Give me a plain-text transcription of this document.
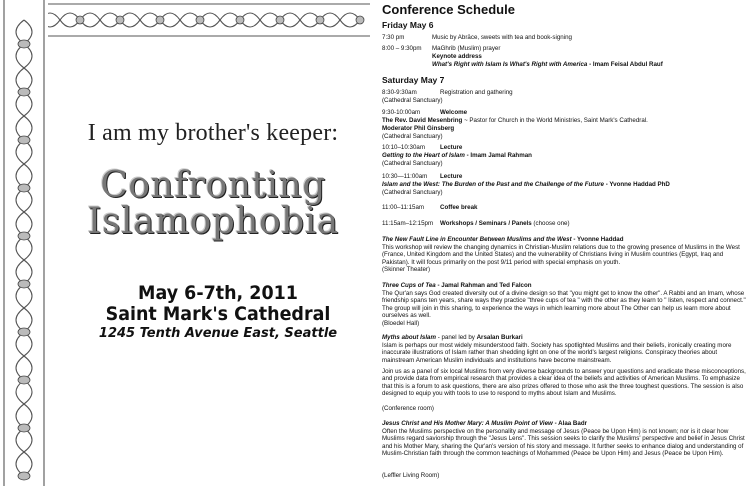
I am my brother's keeper:
Confronting
Islamophobia
May 6-7th, 2011
Saint Mark's Cathedral
1245 Tenth Avenue East, Seattle
Conference Schedule
Friday May 6
7:30 pm	Music by Abrāce, sweets with tea and book-signing
8:00 – 9:30pm MaGhrib (Muslim) prayer
Keynote address
What's Right with Islam Is What's Right with America - Imam Feisal Abdul Rauf
Saturday May 7
8:30-9:30am	Registration and gathering
(Cathedral Sanctuary)
9:30-10:00am	Welcome
The Rev. David Mesenbring ~ Pastor for Church in the World Ministries, Saint Mark's Cathedral.
Moderator Phil Ginsberg
(Cathedral Sanctuary)
10:10–10:30am Lecture
Getting to the Heart of Islam - Imam Jamal Rahman
(Cathedral Sanctuary)
10:30—11:00am Lecture
Islam and the West: The Burden of the Past and the Challenge of the Future - Yvonne Haddad PhD
(Cathedral Sanctuary)
11:00–11:15am	Coffee break
11:15am–12:15pm Workshops / Seminars / Panels (choose one)
The New Fault Line in Encounter Between Muslims and the West - Yvonne Haddad
This workshop will review the changing dynamics in Christian-Muslim relations due to the growing presence of Muslims in the West (France, United Kingdom and the United States) and the vulnerability of Christians living in Muslim countries (Egypt, Iraq and Pakistan). It will focus primarily on the post 9/11 period with special emphasis on youth.
(Skinner Theater)
Three Cups of Tea - Jamal Rahman and Ted Falcon
The Qur'an says God created diversity out of a divine design so that "you might get to know the other". A Rabbi and an Imam, whose friendship spans ten years, share ways they practice "three cups of tea " with the other as they learn to " listen, respect and connect." The group will join in this sharing, to experience the ways in which learning more about The Other can help us learn more about ourselves as well.
(Bloedel Hall)
Myths about Islam - panel led by Arsalan Burkari
Islam is perhaps our most widely misunderstood faith. Society has spotlighted Muslims and their beliefs, ironically creating more inaccurate illustrations of Islam rather than shedding light on one of the world's largest religions. Conspiracy theories about mainstream American Muslim individuals and institutions have become mainstream.
Join us as a panel of six local Muslims from very diverse backgrounds to answer your questions and eradicate these misconceptions, and provide data from empirical research that provides a clear idea of the beliefs and activities of American Muslims. To emphasize that this is a forum to ask questions, there are also prizes offered to those who ask the three toughest questions. The session is also designed to equip you with tools to use to respond to myths about Islam and Muslims.
(Conference room)
Jesus Christ and His Mother Mary: A Muslim Point of View - Alaa Badr
Often the Muslims perspective on the personality and message of Jesus (Peace be Upon Him) is not known; nor is it clear how Muslims regard saviorship through the "Jesus Lens". This session seeks to clarify the Muslims' perspective and belief in Jesus Christ and his Mother Mary, sharing the Qur'an's version of his story and message. It further seeks to enhance dialog and understanding of Muslim-Christian faith through the common teachings of Mohammed (Peace be Upon Him) and Jesus (Peace be Upon Him).
(Leffler Living Room)
